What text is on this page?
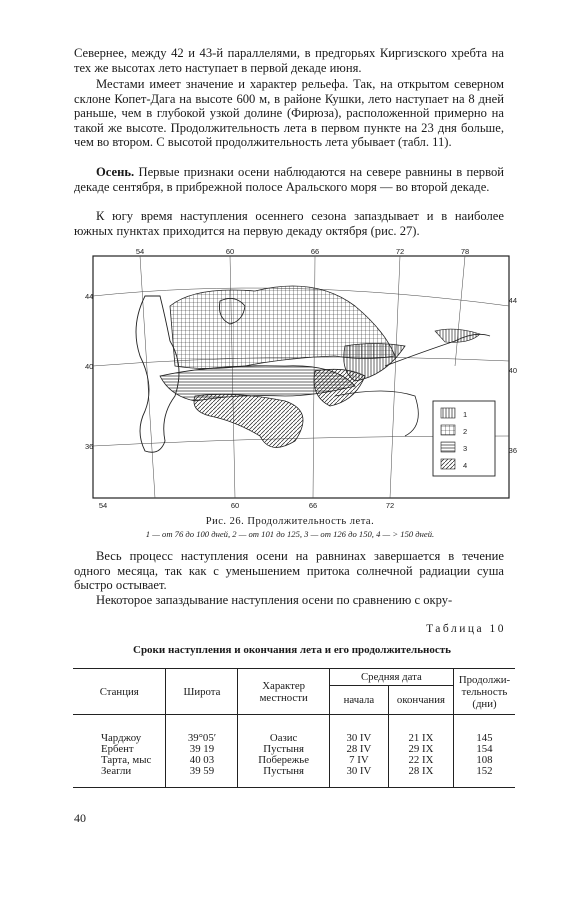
Севернее, между 42 и 43-й параллелями, в предгорьях Киргизского хребта на тех же высотах лето наступает в первой декаде июня.

Местами имеет значение и характер рельефа. Так, на открытом северном склоне Копет-Дага на высоте 600 м, в районе Кушки, лето наступает на 8 дней раньше, чем в глубокой узкой долине (Фирюза), расположенной примерно на такой же высоте. Продолжительность лета в первом пункте на 23 дня больше, чем во втором. С высотой продолжительность лета убывает (табл. 11).

Осень. Первые признаки осени наблюдаются на севере равнины в первой декаде сентября, в прибрежной полосе Аральского моря — во второй декаде.

К югу время наступления осеннего сезона запаздывает и в наиболее южных пунктах приходится на первую декаду октября (рис. 27).

54	60	66	72	78
54	60	66	72
44
40
36
44
40
36
1
2
3
4

Рис. 26. Продолжительность лета.

1 — от 76 до 100 дней, 2 — от 101 до 125, 3 — от 126 до 150, 4 — > 150 дней.

Весь процесс наступления осени на равнинах завершается в течение одного месяца, так как с уменьшением притока солнечной радиации суша быстро остывает.

Некоторое запаздывание наступления осени по сравнению с окру-

Таблица 10
Сроки наступления и окончания лета и его продолжительность
Станция	Широта	Характер местности	Средняя дата		Продолжи-тельность (дни)
			начала	окончания	

Чарджоу	39°05′	Оазис	30 IV	21 IX	145
Ербент	39 19	Пустыня	28 IV	29 IX	154
Тарта, мыс	40 03	Побережье	7 IV	22 IX	108
Зеагли	39 59	Пустыня	30 IV	28 IX	152

40
